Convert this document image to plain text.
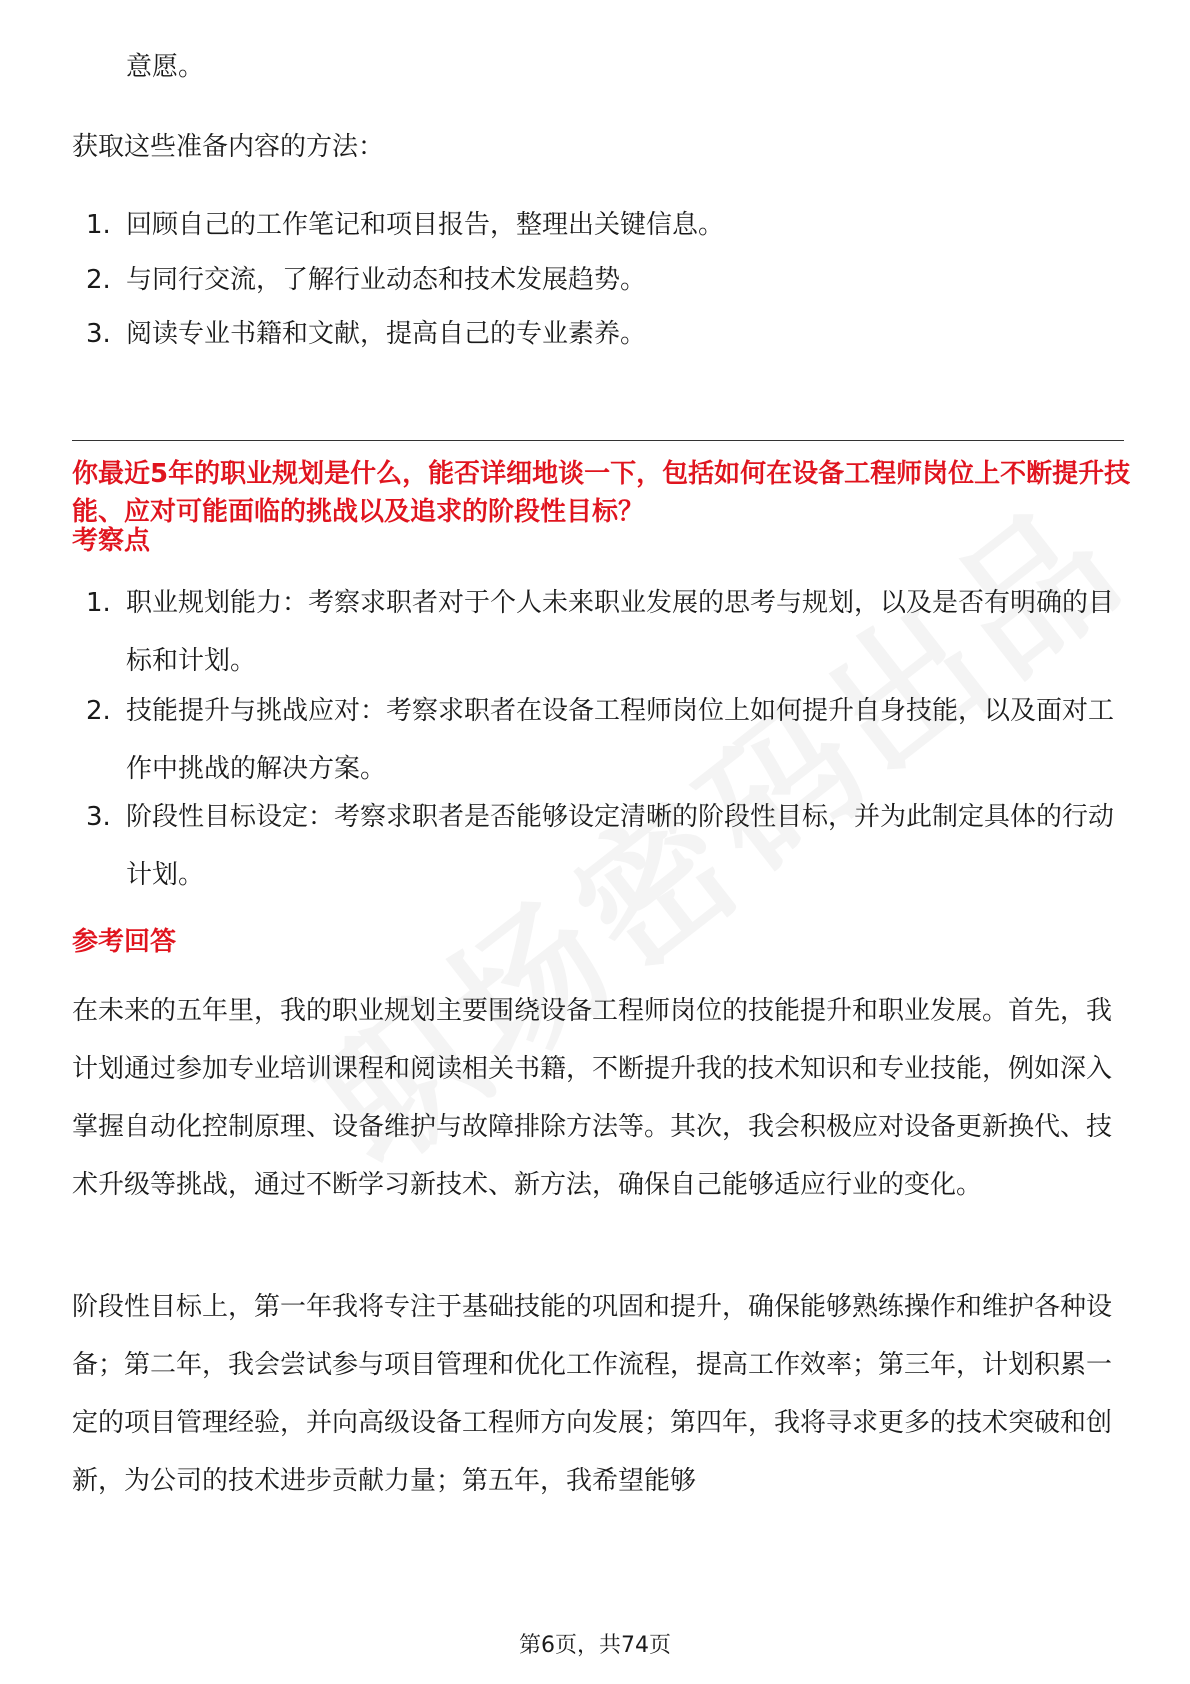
意愿。

获取这些准备内容的方法：

1. 回顾自己的工作笔记和项目报告，整理出关键信息。
2. 与同行交流，了解行业动态和技术发展趋势。
3. 阅读专业书籍和文献，提高自己的专业素养。
你最近5年的职业规划是什么，能否详细地谈一下，包括如何在设备工程师岗位上不断提升技能、应对可能面临的挑战以及追求的阶段性目标？
考察点
1. 职业规划能力：考察求职者对于个人未来职业发展的思考与规划，以及是否有明确的目标和计划。
2. 技能提升与挑战应对：考察求职者在设备工程师岗位上如何提升自身技能，以及面对工作中挑战的解决方案。
3. 阶段性目标设定：考察求职者是否能够设定清晰的阶段性目标，并为此制定具体的行动计划。
参考回答

在未来的五年里，我的职业规划主要围绕设备工程师岗位的技能提升和职业发展。首先，我计划通过参加专业培训课程和阅读相关书籍，不断提升我的技术知识和专业技能，例如深入掌握自动化控制原理、设备维护与故障排除方法等。其次，我会积极应对设备更新换代、技术升级等挑战，通过不断学习新技术、新方法，确保自己能够适应行业的变化。

阶段性目标上，第一年我将专注于基础技能的巩固和提升，确保能够熟练操作和维护各种设备；第二年，我会尝试参与项目管理和优化工作流程，提高工作效率；第三年，计划积累一定的项目管理经验，并向高级设备工程师方向发展；第四年，我将寻求更多的技术突破和创新，为公司的技术进步贡献力量；第五年，我希望能够

第6页，共74页
